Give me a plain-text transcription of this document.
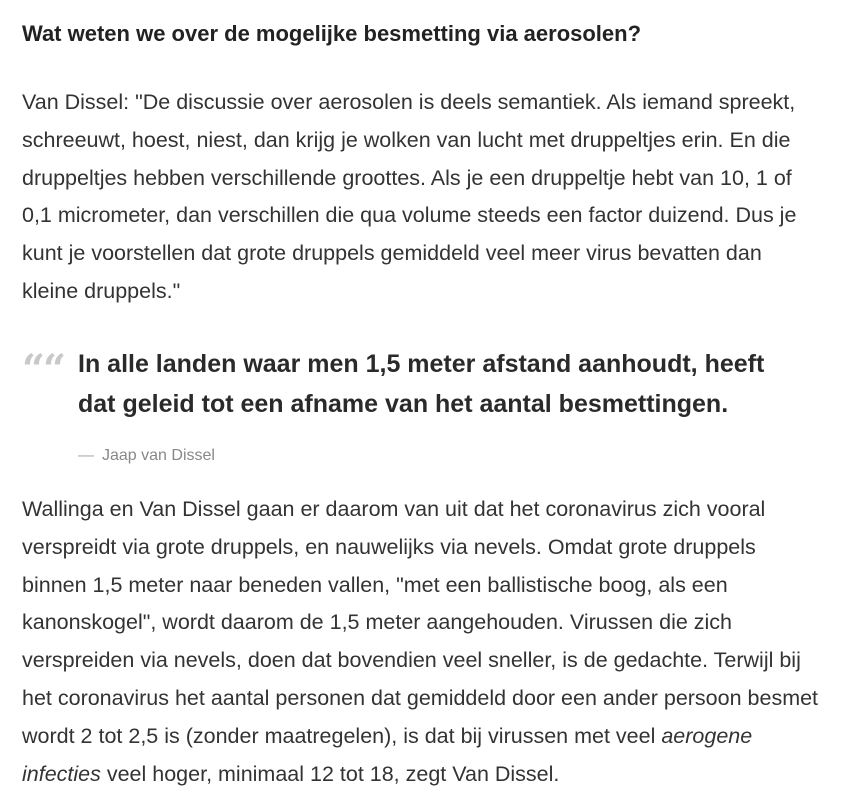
Wat weten we over de mogelijke besmetting via aerosolen?

Van Dissel: "De discussie over aerosolen is deels semantiek. Als iemand spreekt, schreeuwt, hoest, niest, dan krijg je wolken van lucht met druppeltjes erin. En die druppeltjes hebben verschillende groottes. Als je een druppeltje hebt van 10, 1 of 0,1 micrometer, dan verschillen die qua volume steeds een factor duizend. Dus je kunt je voorstellen dat grote druppels gemiddeld veel meer virus bevatten dan kleine druppels."

““ In alle landen waar men 1,5 meter afstand aanhoudt, heeft
dat geleid tot een afname van het aantal besmettingen.

— Jaap van Dissel

Wallinga en Van Dissel gaan er daarom van uit dat het coronavirus zich vooral verspreidt via grote druppels, en nauwelijks via nevels. Omdat grote druppels binnen 1,5 meter naar beneden vallen, "met een ballistische boog, als een kanonskogel", wordt daarom de 1,5 meter aangehouden. Virussen die zich verspreiden via nevels, doen dat bovendien veel sneller, is de gedachte. Terwijl bij het coronavirus het aantal personen dat gemiddeld door een ander persoon besmet wordt 2 tot 2,5 is (zonder maatregelen), is dat bij virussen met veel aerogene infecties veel hoger, minimaal 12 tot 18, zegt Van Dissel.
